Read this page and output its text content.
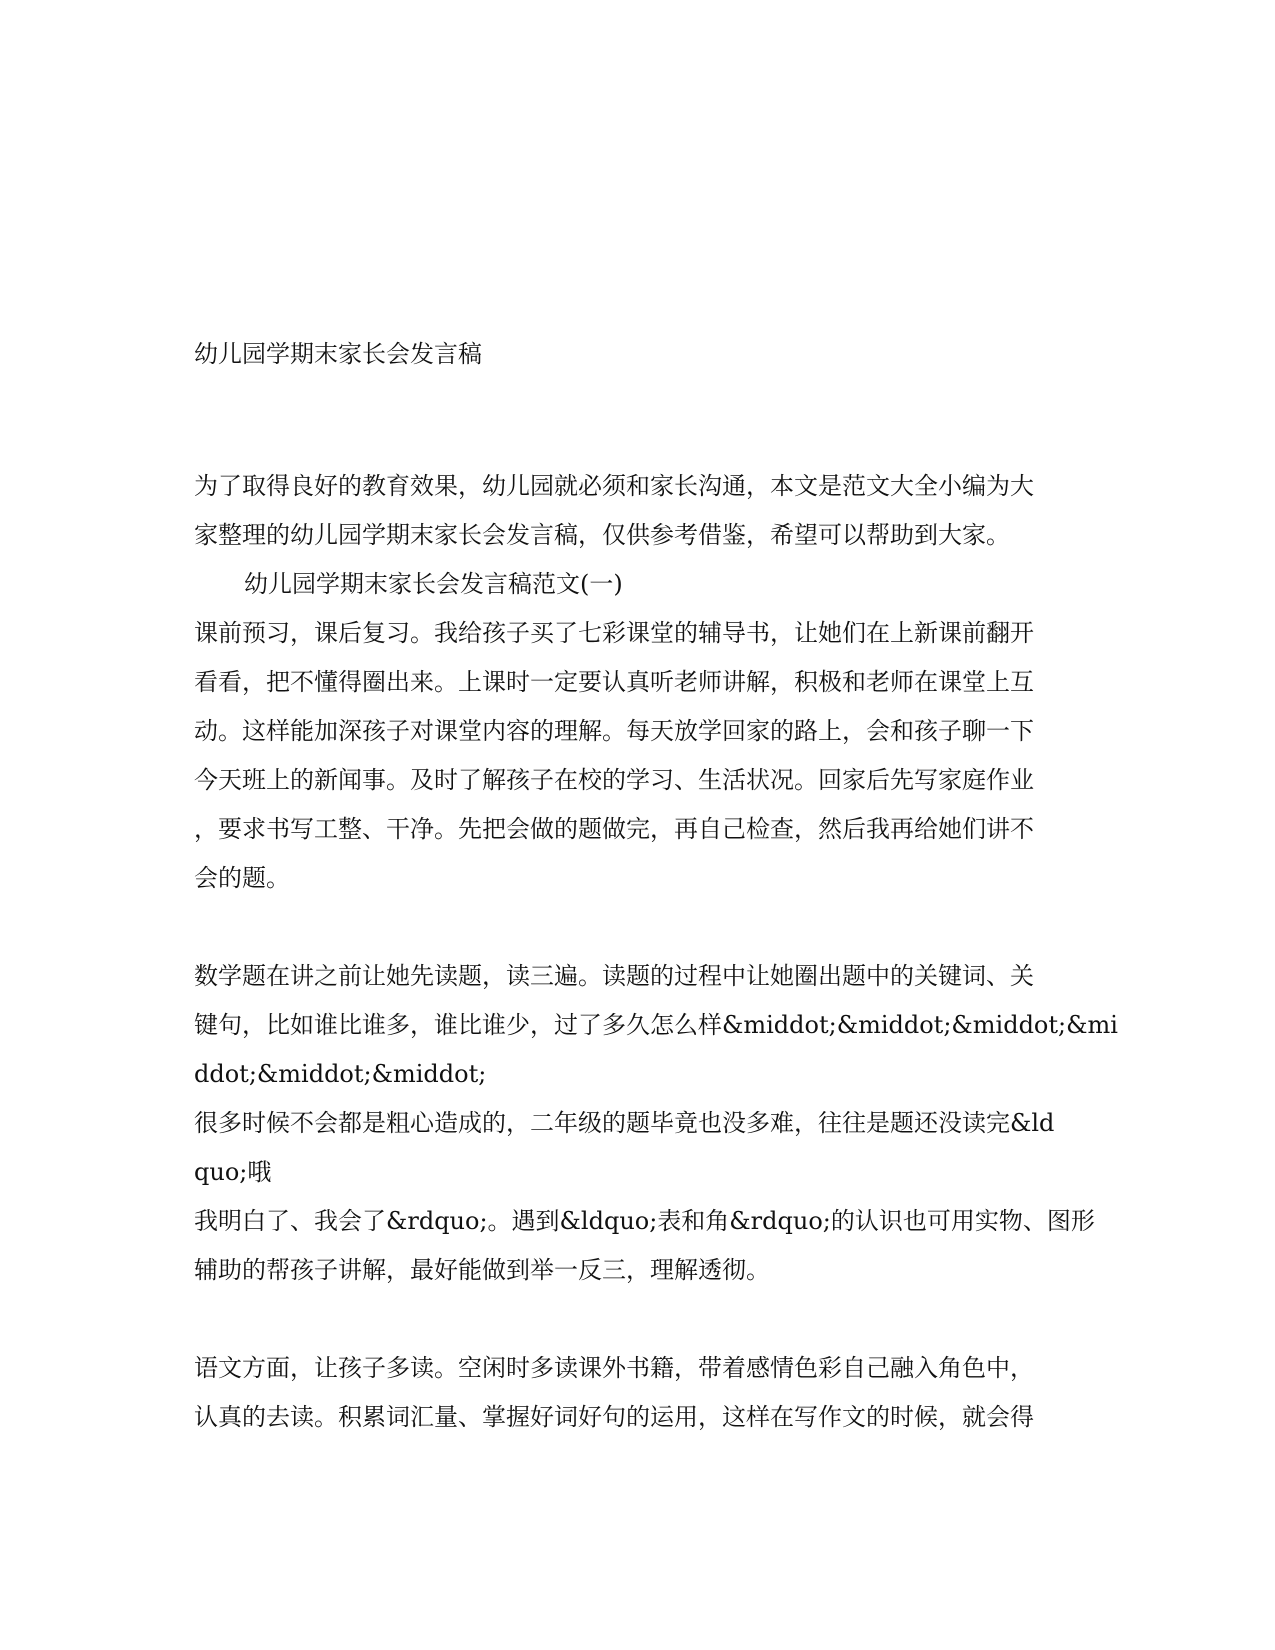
幼儿园学期末家长会发言稿
为了取得良好的教育效果，幼儿园就必须和家长沟通，本文是范文大全小编为大
家整理的幼儿园学期末家长会发言稿，仅供参考借鉴，希望可以帮助到大家。
幼儿园学期末家长会发言稿范文(一)
课前预习，课后复习。我给孩子买了七彩课堂的辅导书，让她们在上新课前翻开
看看，把不懂得圈出来。上课时一定要认真听老师讲解，积极和老师在课堂上互
动。这样能加深孩子对课堂内容的理解。每天放学回家的路上，会和孩子聊一下
今天班上的新闻事。及时了解孩子在校的学习、生活状况。回家后先写家庭作业
，要求书写工整、干净。先把会做的题做完，再自己检查，然后我再给她们讲不
会的题。
数学题在讲之前让她先读题，读三遍。读题的过程中让她圈出题中的关键词、关
键句，比如谁比谁多，谁比谁少，过了多久怎么样&middot;&middot;&middot;&mi
ddot;&middot;&middot;
很多时候不会都是粗心造成的，二年级的题毕竟也没多难，往往是题还没读完&ld
quo;哦
我明白了、我会了&rdquo;。遇到&ldquo;表和角&rdquo;的认识也可用实物、图形
辅助的帮孩子讲解，最好能做到举一反三，理解透彻。
语文方面，让孩子多读。空闲时多读课外书籍，带着感情色彩自己融入角色中，
认真的去读。积累词汇量、掌握好词好句的运用，这样在写作文的时候，就会得
